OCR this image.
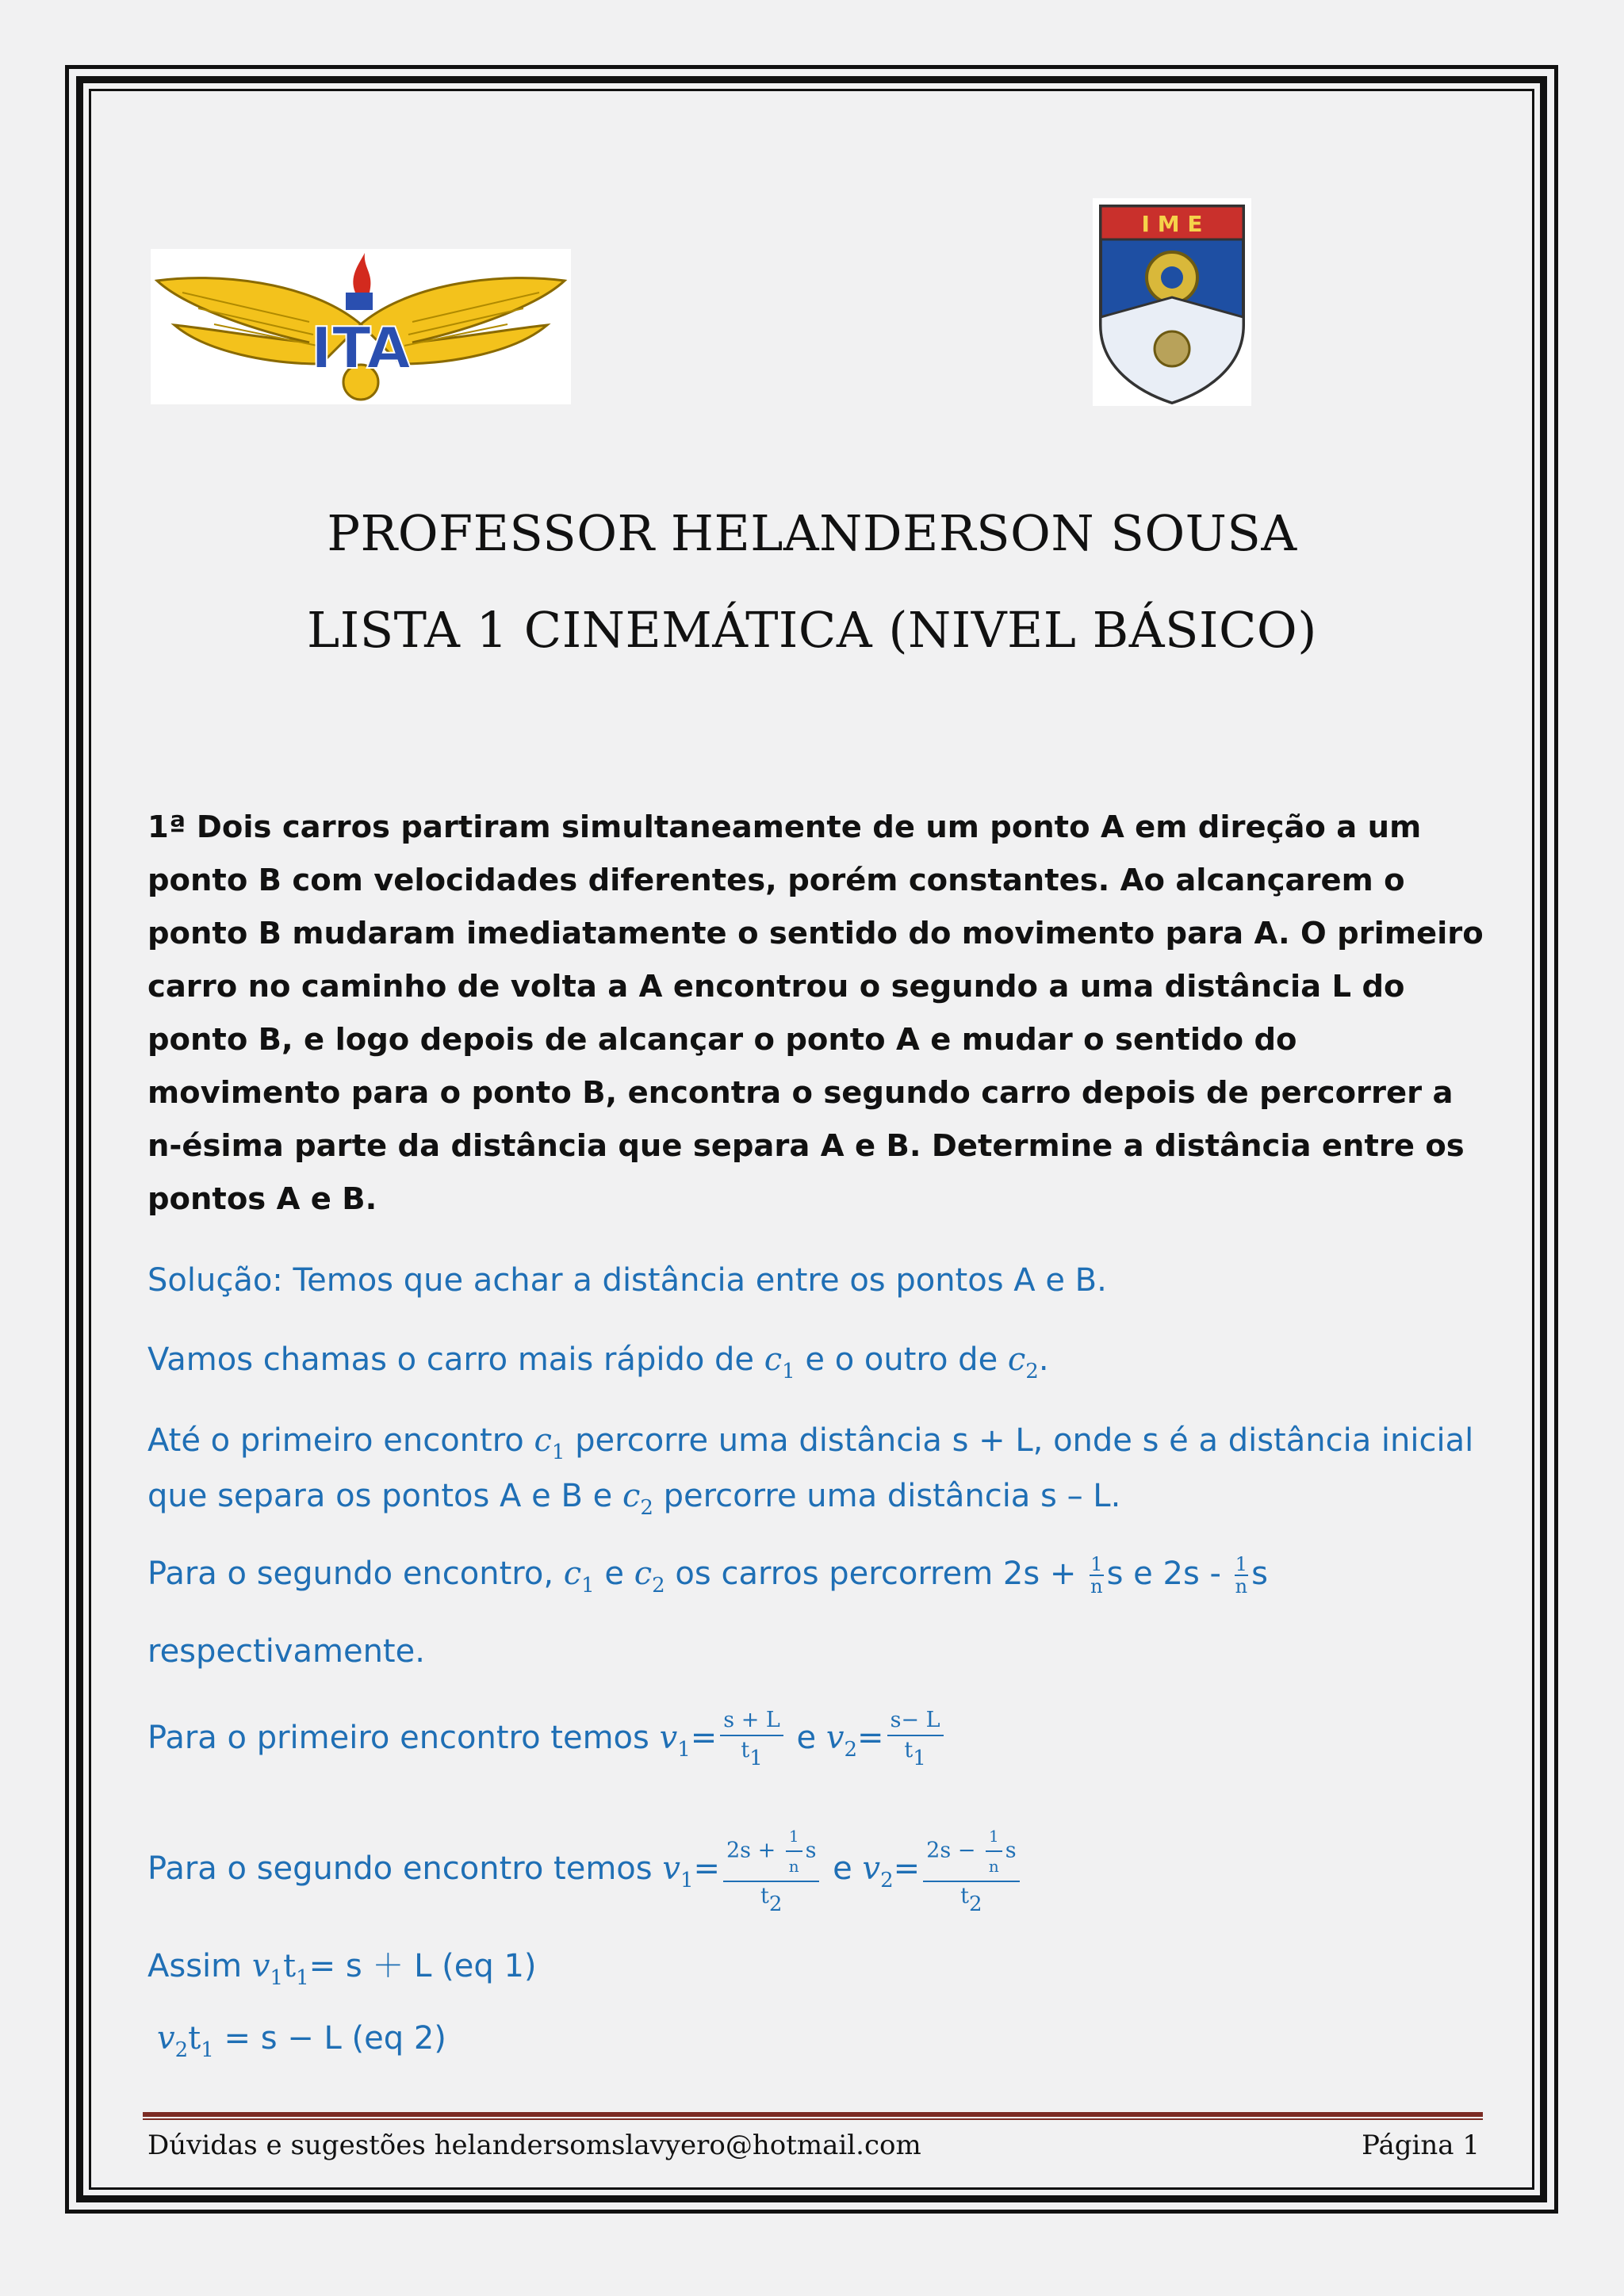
ITA
I M E
PROFESSOR HELANDERSON SOUSA
LISTA 1 CINEMÁTICA (NIVEL BÁSICO)
1ª Dois carros partiram simultaneamente de um ponto A em direção a um ponto B com velocidades diferentes, porém constantes. Ao alcançarem o ponto B mudaram imediatamente o sentido do movimento para A. O primeiro carro no caminho de volta a A encontrou o segundo a uma distância L do ponto B, e logo depois de alcançar o ponto A e mudar o sentido do movimento para o ponto B, encontra o segundo carro depois de percorrer a n-ésima parte da distância que separa A e B. Determine a distância entre os pontos A e B.
Solução: Temos que achar a distância entre os pontos A e B.
Vamos chamas o carro mais rápido de $c_1$ e o outro de $c_2$.
Até o primeiro encontro $c_1$ percorre uma distância s + L, onde s é a distância inicial
que separa os pontos A e B e $c_2$ percorre uma distância s – L.
Para o segundo encontro, $c_1$ e $c_2$ os carros percorrem $2s + \frac{1}{n}$ s e $2s - \frac{1}{n}$ s
respectivamente.
Para o primeiro encontro temos $v_1= \frac{s + L}{t1}$ e $v_2= \frac{s- L}{t1}$
Para o segundo encontro temos $v_1= \frac{2s + \frac{1}{n} s}{t2}$ e $v_2= \frac{2s - \frac{1}{n} s}{t2}$
Assim $v_1t_1= s + L$ (eq 1)
$v_2t_1 = s - L$ (eq 2)
Dúvidas e sugestões helandersomslavyero@hotmail.com	Página 1
